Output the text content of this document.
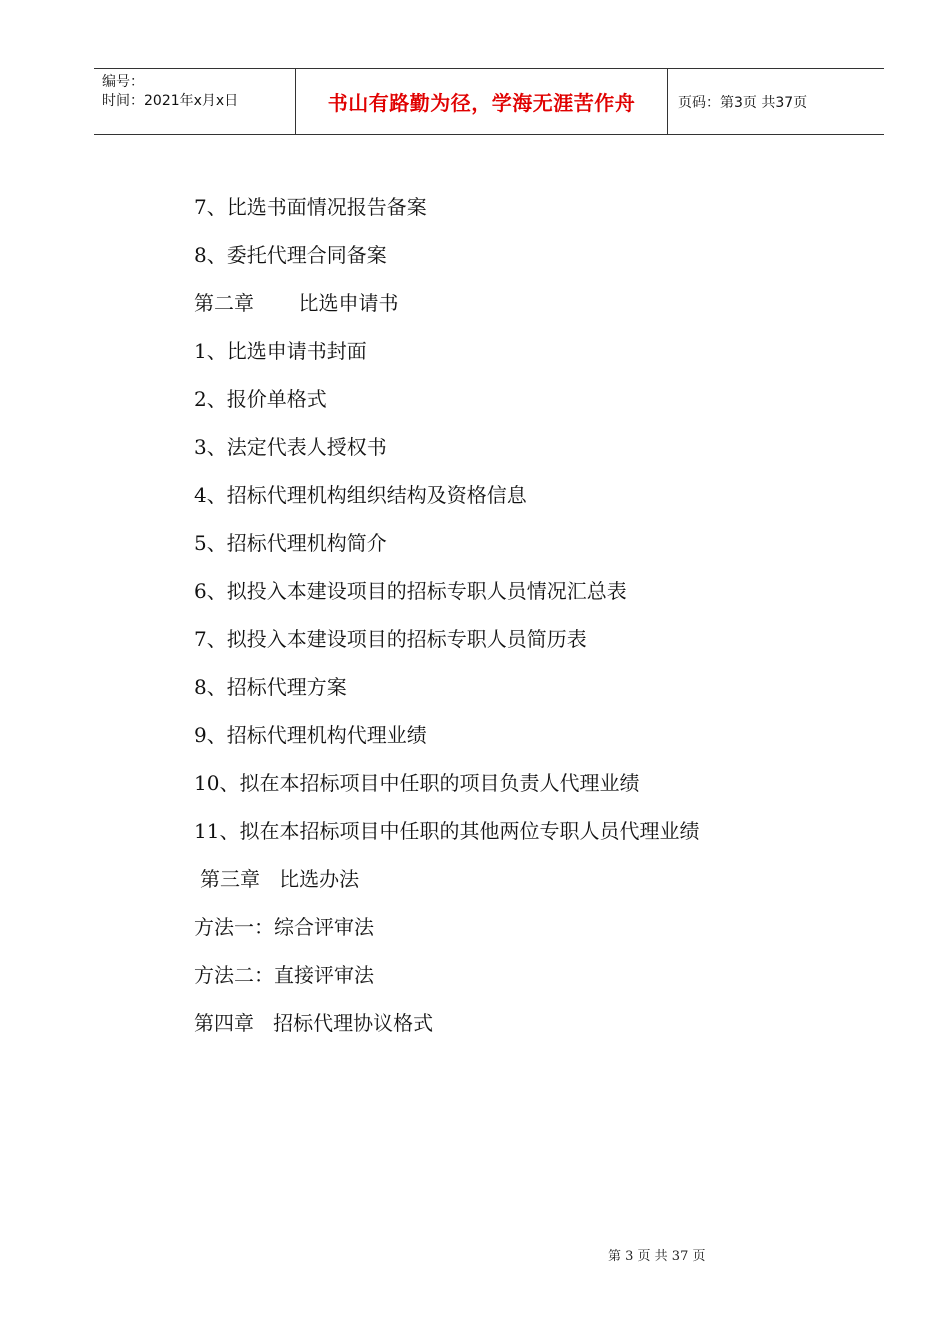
编号：
时间：2021年x月x日	书山有路勤为径，学海无涯苦作舟	页码：第3页 共37页
7、比选书面情况报告备案
8、委托代理合同备案
第二章       比选申请书
1、比选申请书封面
2、报价单格式
3、法定代表人授权书
4、招标代理机构组织结构及资格信息
5、招标代理机构简介
6、拟投入本建设项目的招标专职人员情况汇总表
7、拟投入本建设项目的招标专职人员简历表
8、招标代理方案
9、招标代理机构代理业绩
10、拟在本招标项目中任职的项目负责人代理业绩
11、拟在本招标项目中任职的其他两位专职人员代理业绩
第三章   比选办法
方法一：综合评审法
方法二：直接评审法
第四章   招标代理协议格式
第 3 页 共 37 页
